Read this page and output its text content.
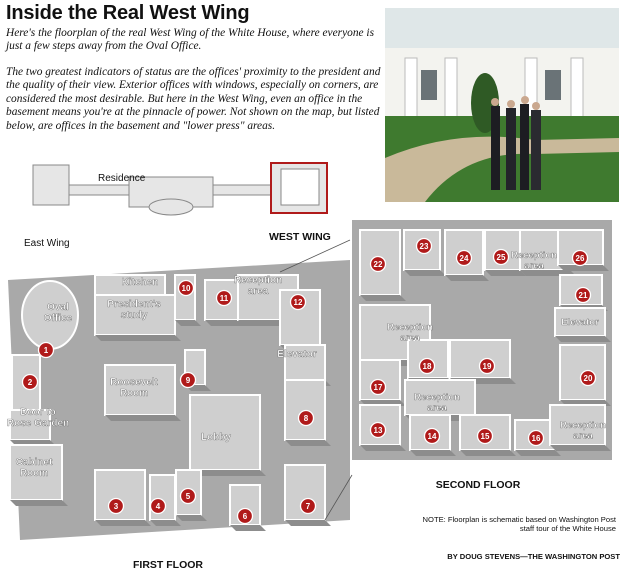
Inside the Real West Wing
Here's the floorplan of the real West Wing of the White House, where everyone is just a few steps away from the Oval Office.
The two greatest indicators of status are the offices' proximity to the president and the quality of their view. Exterior offices with windows, especially on corners, are considered the most desirable. But here in the West Wing, even an office in the basement means you're at the pinnacle of power. Not shown on the map, but listed below, are offices in the basement and "lower press" areas.
Residence
East Wing
WEST WING
Oval Office
Kitchen
President's study
Reception area
Elevator
Roosevelt Room
Lobby
Door to Rose Garden
Cabinet Room
1
2
3	4
5
6
7
8
9
10
11	12
Reception area
Elevator
Reception area
Reception area
Reception area
13
14	15	16
17
18	19
20
21
22
23
24	25	26
FIRST FLOOR
SECOND FLOOR
NOTE: Floorplan is schematic based on Washington Post staff tour of the White House
BY DOUG STEVENS—THE WASHINGTON POST
